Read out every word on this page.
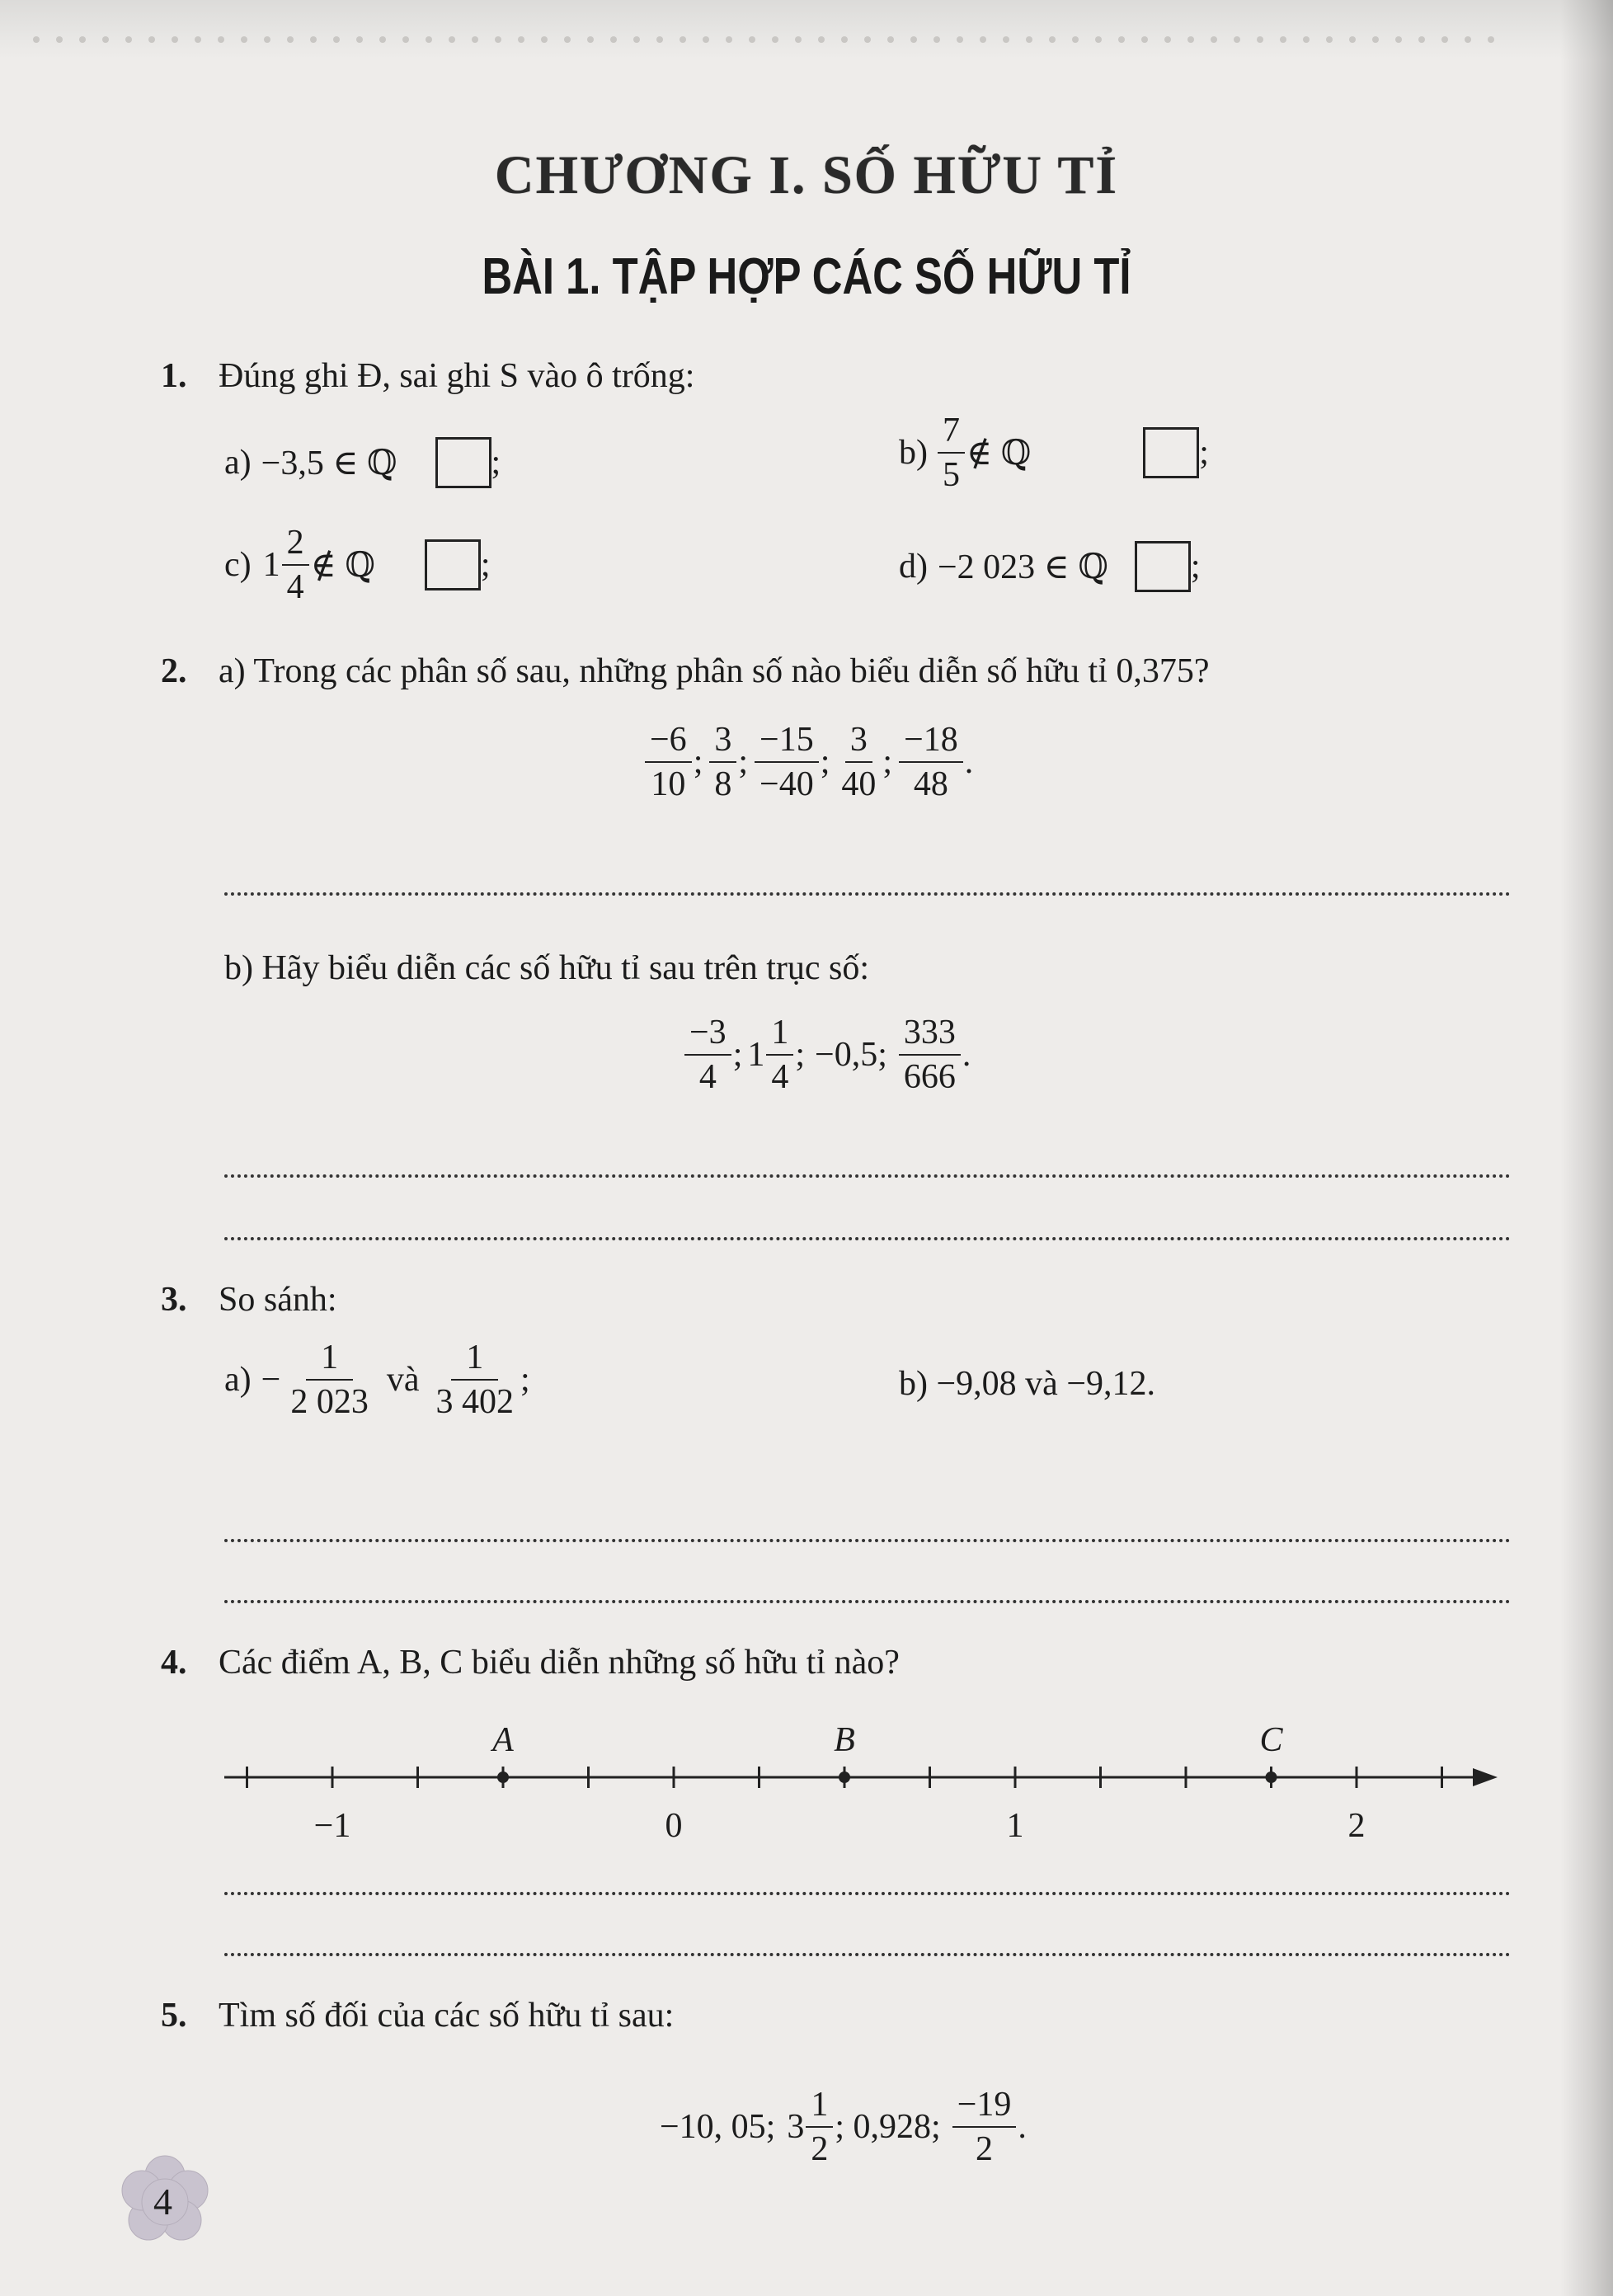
CHƯƠNG I. SỐ HỮU TỈ
BÀI 1. TẬP HỢP CÁC SỐ HỮU TỈ
1. Đúng ghi Đ, sai ghi S vào ô trống:
a) −3,5 ∈ ℚ	;	$b) \frac{7}{5}$ ∉ ℚ	;
c) $1 \frac{2}{4}$ ∉ ℚ	;	d) −2 023 ∈ ℚ ;
2. a) Trong các phân số sau, những phân số nào biểu diễn số hữu tỉ 0,375?
$\frac{-6}{10}$ ; $\frac{3}{8}$ ; $\frac{-15}{-40}$ ; $\frac{3}{40}$ ; $\frac{-18}{48}$ .
b) Hãy biểu diễn các số hữu tỉ sau trên trục số:
$\frac{-3}{4}$ ; $1 \frac{1}{4}$ ; −0,5; $\frac{333}{666}$ .
3. So sánh:
$a) - \frac{1}{2 023}$ và $\frac{1}{3 402}$ ;	b) −9,08 và −9,12.
4. Các điểm A, B, C biểu diễn những số hữu tỉ nào?
−1	0	1	2
A	B	C
5. Tìm số đối của các số hữu tỉ sau:
−10, 05; $3 \frac{1}{2}$ ; 0,928; $\frac{-19}{2}$ .
4
